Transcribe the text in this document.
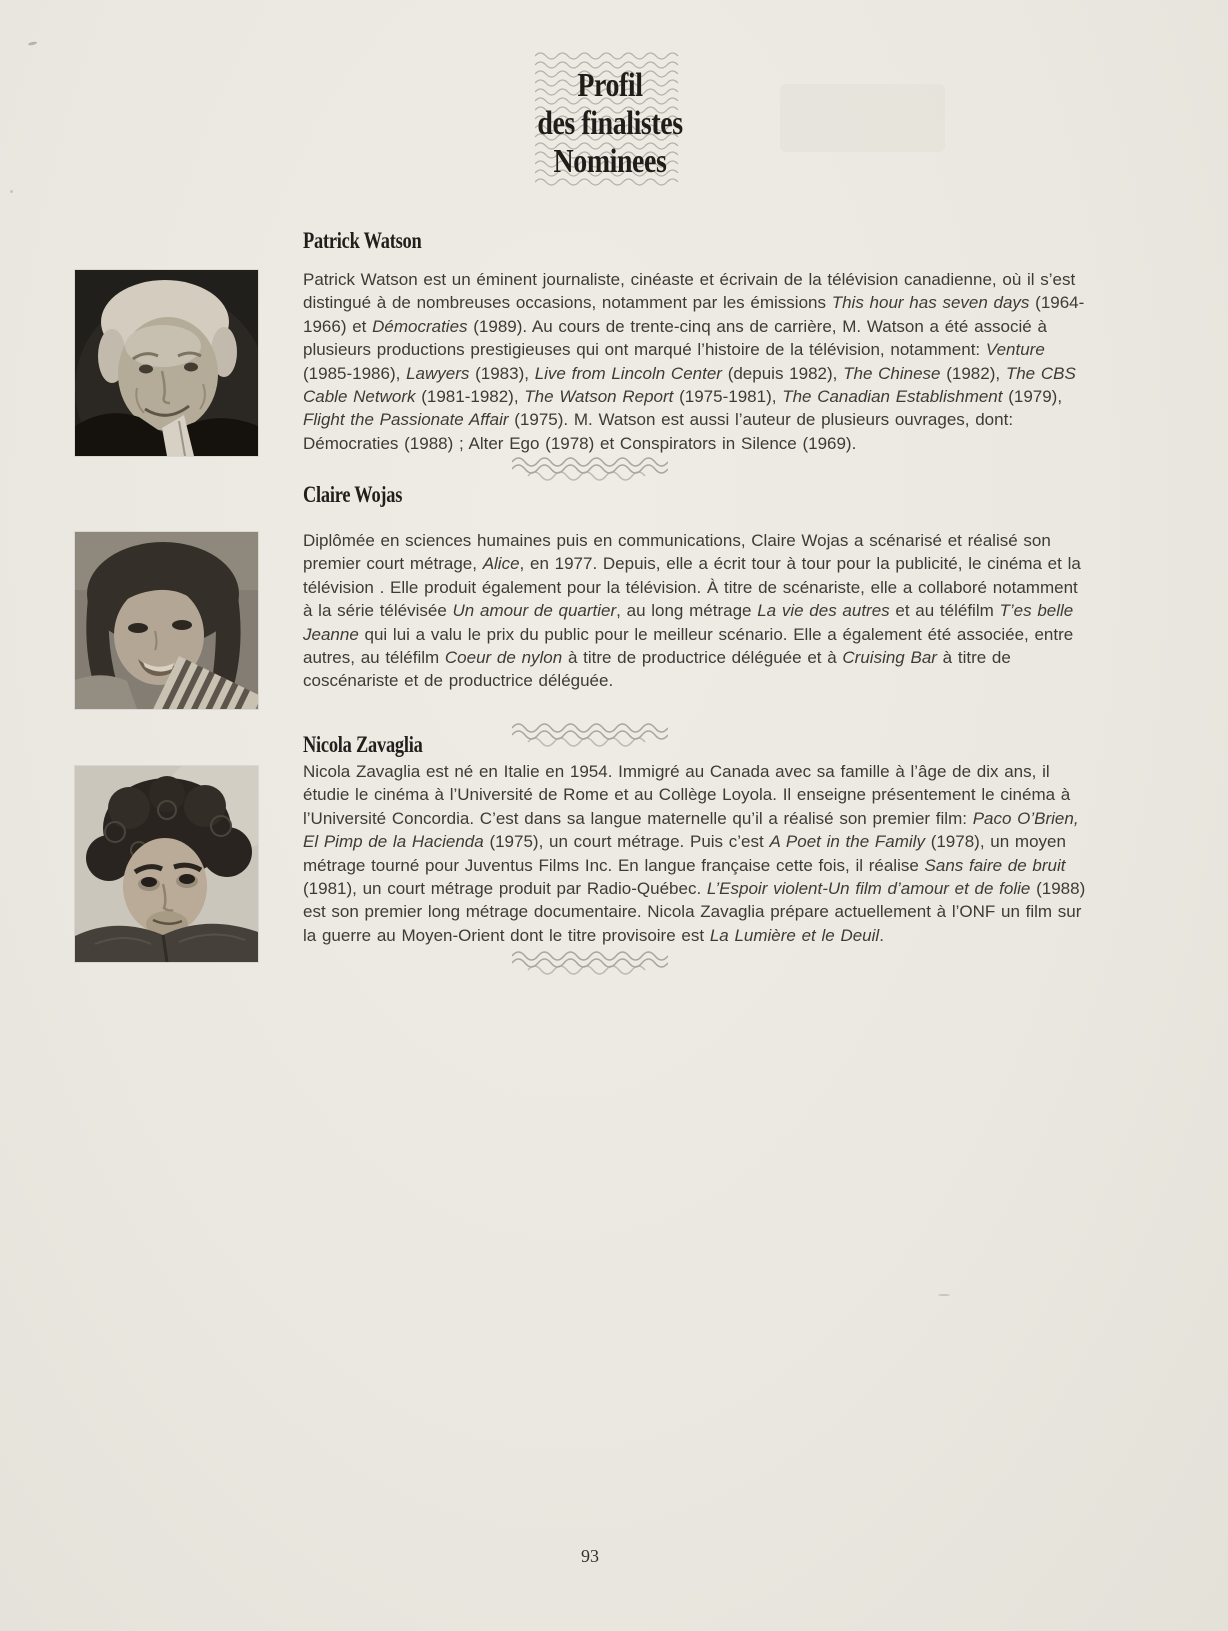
Profil
des finalistes
Nominees
Patrick Watson

Patrick Watson est un éminent journaliste, cinéaste et écrivain de la télévision canadienne, où il s’est distingué à de nombreuses occasions, notamment par les émissions This hour has seven days (1964-1966) et Démocraties (1989). Au cours de trente-cinq ans de carrière, M. Watson a été associé à plusieurs productions prestigieuses qui ont marqué l’histoire de la télévision, notamment: Venture (1985-1986), Lawyers (1983), Live from Lincoln Center (depuis 1982), The Chinese (1982), The CBS Cable Network (1981-1982), The Watson Report (1975-1981), The Canadian Establishment (1979), Flight the Passionate Affair (1975). M. Watson est aussi l’auteur de plusieurs ouvrages, dont: Démocraties (1988) ; Alter Ego (1978) et Conspirators in Silence (1969).

Claire Wojas

Diplômée en sciences humaines puis en communications, Claire Wojas a scénarisé et réalisé son premier court métrage, Alice, en 1977. Depuis, elle a écrit tour à tour pour la publicité, le cinéma et la télévision . Elle produit également pour la télévision. À titre de scénariste, elle a collaboré notamment à la série télévisée Un amour de quartier, au long métrage La vie des autres et au téléfilm T’es belle Jeanne qui lui a valu le prix du public pour le meilleur scénario. Elle a également été associée, entre autres, au téléfilm Coeur de nylon à titre de productrice déléguée et à Cruising Bar à titre de coscénariste et de productrice déléguée.

Nicola Zavaglia

Nicola Zavaglia est né en Italie en 1954. Immigré au Canada avec sa famille à l’âge de dix ans, il étudie le cinéma à l’Université de Rome et au Collège Loyola. Il enseigne présentement le cinéma à l’Université Concordia. C’est dans sa langue maternelle qu’il a réalisé son premier film: Paco O’Brien, El Pimp de la Hacienda (1975), un court métrage. Puis c’est A Poet in the Family (1978), un moyen métrage tourné pour Juventus Films Inc. En langue française cette fois, il réalise Sans faire de bruit (1981), un court métrage produit par Radio-Québec. L’Espoir violent-Un film d’amour et de folie (1988) est son premier long métrage documentaire. Nicola Zavaglia prépare actuellement à l’ONF un film sur la guerre au Moyen-Orient dont le titre provisoire est La Lumière et le Deuil.

93
